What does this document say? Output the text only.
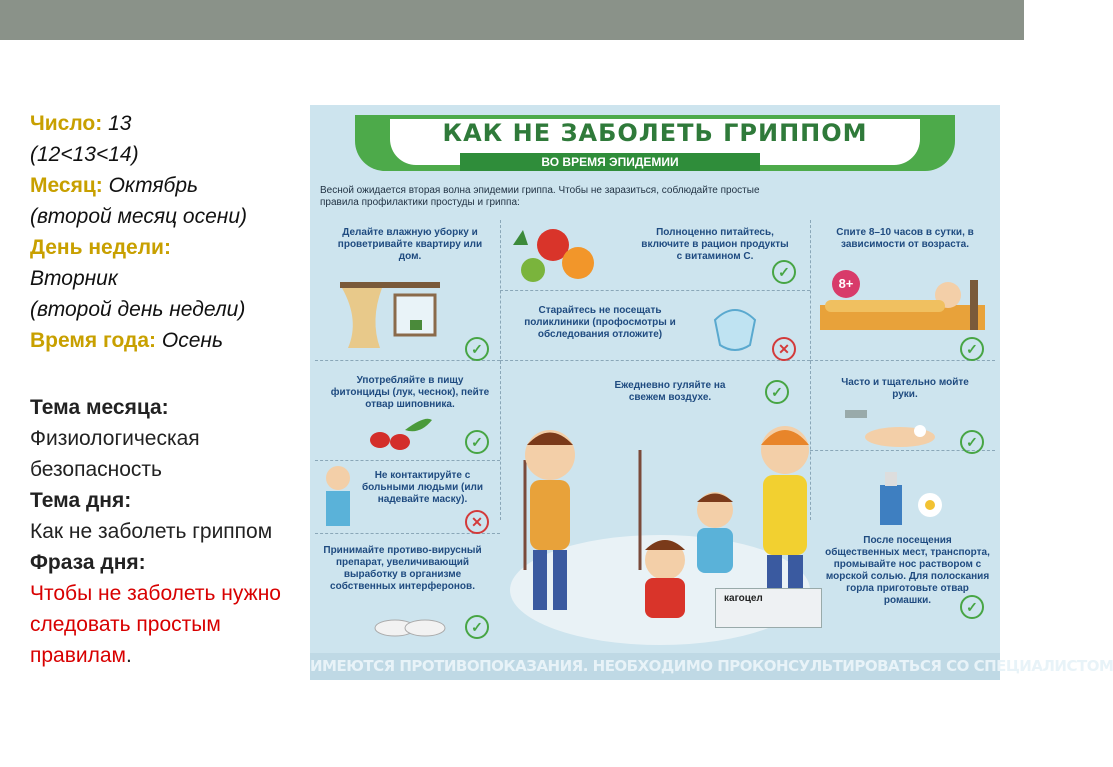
Число: 13
(12<13<14)
Месяц: Октябрь
(второй месяц осени)
День недели:
Вторник
(второй день недели)
Время года: Осень
Тема месяца:
Физиологическая безопасность
Тема дня:
Как не заболеть гриппом
Фраза дня:
Чтобы не заболеть нужно следовать простым правилам.
КАК НЕ ЗАБОЛЕТЬ ГРИППОМ
ВО ВРЕМЯ ЭПИДЕМИИ
Весной ожидается вторая волна эпидемии гриппа. Чтобы не заразиться, соблюдайте простые правила профилактики простуды и гриппа:
Делайте влажную уборку и проветривайте квартиру или дом.
✓
Полноценно питайтесь, включите в рацион продукты с витамином С.
✓
Спите 8–10 часов в сутки, в зависимости от возраста.
8+
✓
Старайтесь не посещать поликлиники (профосмотры и обследования отложите)
✕
Употребляйте в пищу фитонциды (лук, чеснок), пейте отвар шиповника.
✓
Ежедневно гуляйте на свежем воздухе.	✓
Часто и тщательно мойте руки.
✓
Не контактируйте с больными людьми (или надевайте маску).
✕
Принимайте противо-вирусный препарат, увеличивающий выработку в организме собственных интерферонов.
✓
После посещения общественных мест, транспорта, промывайте нос раствором с морской солью. Для полоскания горла приготовьте отвар ромашки.	✓
кагоцел
ИМЕЮТСЯ ПРОТИВОПОКАЗАНИЯ. НЕОБХОДИМО ПРОКОНСУЛЬТИРОВАТЬСЯ СО СПЕЦИАЛИСТОМ
